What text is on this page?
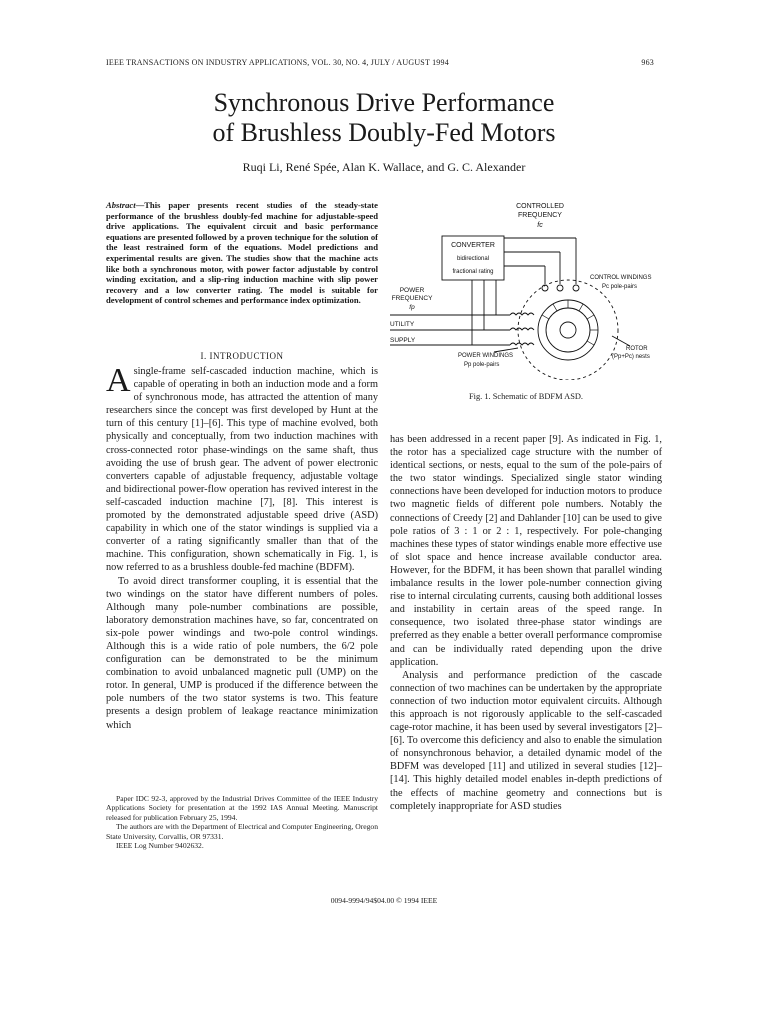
IEEE TRANSACTIONS ON INDUSTRY APPLICATIONS, VOL. 30, NO. 4, JULY / AUGUST 1994	963
Synchronous Drive Performance
of Brushless Doubly-Fed Motors
Ruqi Li, René Spée, Alan K. Wallace, and G. C. Alexander
Abstract—This paper presents recent studies of the steady-state performance of the brushless doubly-fed machine for adjustable-speed drive applications. The equivalent circuit and basic performance equations are presented followed by a proven technique for the solution of the least restrained form of the equations. Model predictions and experimental results are given. The studies show that the machine acts like both a synchronous motor, with power factor adjustable by control winding excitation, and a slip-ring induction machine with slip power recovery and a low converter rating. The model is suitable for development of control schemes and performance index optimization.
I. INTRODUCTION

Asingle-frame self-cascaded induction machine, which is capable of operating in both an induction mode and a form of synchronous mode, has attracted the attention of many researchers since the concept was first developed by Hunt at the turn of this century [1]–[6]. This type of machine evolved, both physically and conceptually, from two induction machines with cross-connected rotor phase-windings on the same shaft, thus avoiding the use of brush gear. The advent of power electronic converters capable of adjustable frequency, adjustable voltage and bidirectional power-flow operation has revived interest in the self-cascaded induction machine [7], [8]. This interest is promoted by the demonstrated adjustable speed drive (ASD) capability in which one of the stator windings is supplied via a converter of a rating significantly smaller than that of the machine. This configuration, shown schematically in Fig. 1, is now referred to as a brushless double-fed machine (BDFM).

To avoid direct transformer coupling, it is essential that the two windings on the stator have different numbers of poles. Although many pole-number combinations are possible, laboratory demonstration machines have, so far, concentrated on six-pole power windings and two-pole control windings. Although this is a wide ratio of pole numbers, the 6/2 pole configuration can be demonstrated to be the minimum combination to avoid unbalanced magnetic pull (UMP) on the rotor. In general, UMP is produced if the difference between the pole numbers of the two stator systems is two. This feature presents a design problem of leakage reactance minimization which

Paper IDC 92-3, approved by the Industrial Drives Committee of the IEEE Industry Applications Society for presentation at the 1992 IAS Annual Meeting. Manuscript released for publication February 25, 1994.

The authors are with the Department of Electrical and Computer Engineering, Oregon State University, Corvallis, OR 97331.

IEEE Log Number 9402632.

CONTROLLED
FREQUENCY
fc
CONVERTER
bidirectional
fractional rating
POWER
FREQUENCY
fp
UTILITY
SUPPLY
CONTROL WINDINGS
Pc pole-pairs
POWER WINDINGS
Pp pole-pairs
ROTOR
(Pp+Pc) nests
Fig. 1. Schematic of BDFM ASD.

has been addressed in a recent paper [9]. As indicated in Fig. 1, the rotor has a specialized cage structure with the number of identical sections, or nests, equal to the sum of the pole-pairs of the two stator windings. Specialized single stator winding connections have been developed for induction motors to produce two magnetic fields of different pole numbers. Notably the connections of Creedy [2] and Dahlander [10] can be used to give pole ratios of 3 : 1 or 2 : 1, respectively. For pole-changing machines these types of stator windings enable more effective use of slot space and hence increase available conductor area. However, for the BDFM, it has been shown that parallel winding imbalance results in the lower pole-number connection giving rise to internal circulating currents, causing both additional losses and instability in certain areas of the speed range. In consequence, two isolated three-phase stator windings are preferred as they enable a better overall performance compromise and can be individually rated depending upon the drive application.

Analysis and performance prediction of the cascade connection of two machines can be undertaken by the appropriate connection of two induction motor equivalent circuits. Although this approach is not rigorously applicable to the self-cascaded cage-rotor machine, it has been used by several investigators [2]–[6]. To overcome this deficiency and also to enable the simulation of nonsynchronous behavior, a detailed dynamic model of the BDFM was developed [11] and utilized in several studies [12]–[14]. This highly detailed model enables in-depth predictions of the effects of machine geometry and connections but is completely inappropriate for ASD studies

0094-9994/94$04.00 © 1994 IEEE
